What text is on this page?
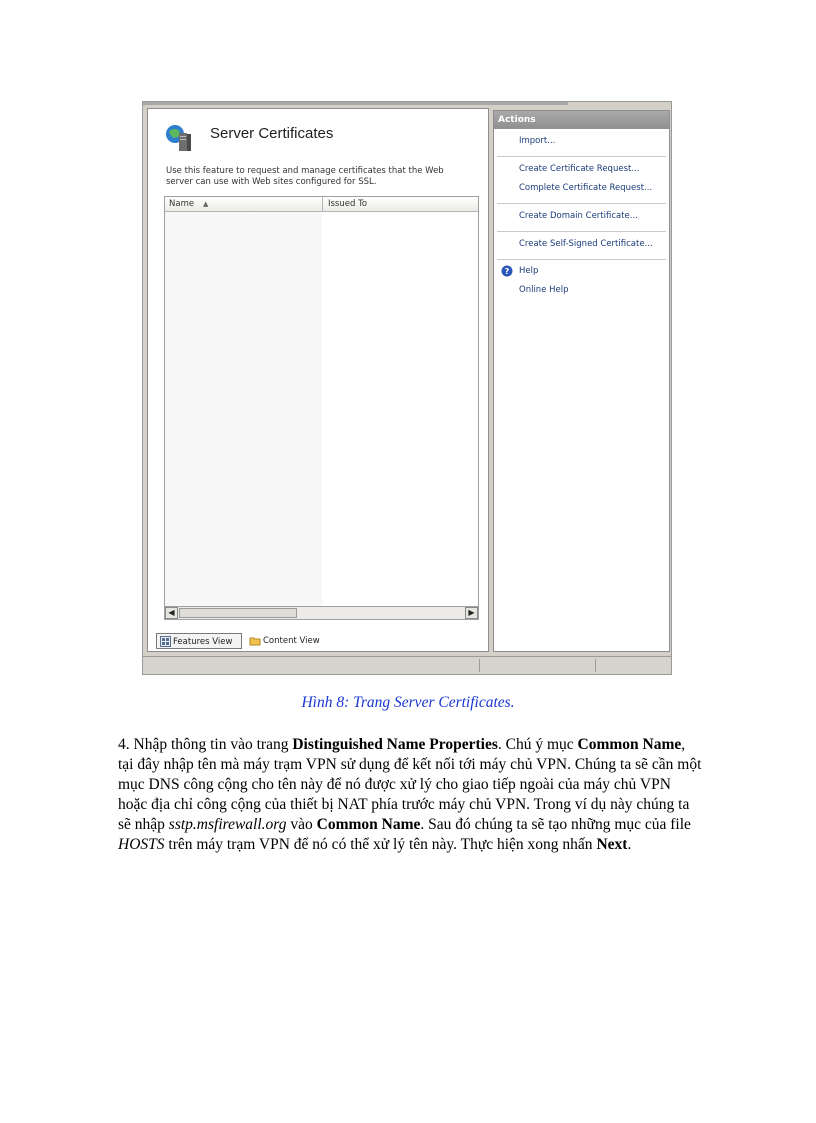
Server Certificates
Use this feature to request and manage certificates that the Web server can use with Web sites configured for SSL.
Name ▲	Issued To
◀	▶
Features View	Content View
Actions
Import...
Create Certificate Request...
Complete Certificate Request...
Create Domain Certificate...
Create Self-Signed Certificate...
? Help
Online Help
Hình 8: Trang Server Certificates.
4. Nhập thông tin vào trang Distinguished Name Properties. Chú ý mục Common Name, tại đây nhập tên mà máy trạm VPN sử dụng để kết nối tới máy chủ VPN. Chúng ta sẽ cần một mục DNS công cộng cho tên này để nó được xử lý cho giao tiếp ngoài của máy chủ VPN hoặc địa chỉ công cộng của thiết bị NAT phía trước máy chủ VPN. Trong ví dụ này chúng ta sẽ nhập sstp.msfirewall.org vào Common Name. Sau đó chúng ta sẽ tạo những mục của file HOSTS trên máy trạm VPN để nó có thể xử lý tên này. Thực hiện xong nhấn Next.
